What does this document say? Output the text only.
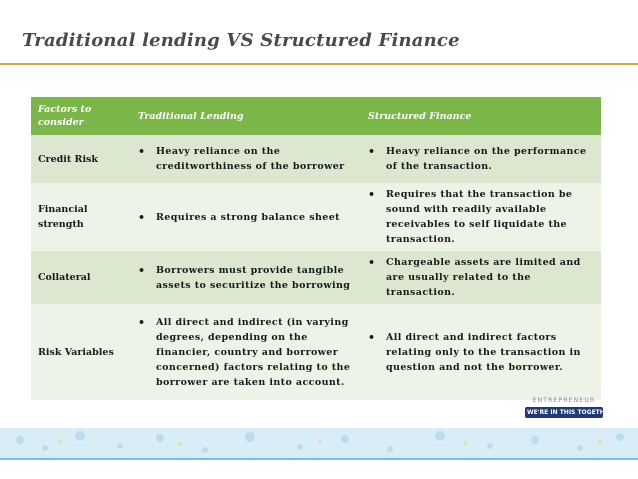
Traditional lending VS Structured Finance
Factors to consider	Traditional Lending	Structured Finance
Credit Risk	• Heavy reliance on the creditworthiness of the borrower	• Heavy reliance on the performance of the transaction.

Financial strength	• Requires a strong balance sheet	• Requires that the transaction be sound with readily available receivables to self liquidate the transaction.

Collateral	• Borrowers must provide tangible assets to securitize the borrowing	• Chargeable assets are limited and are usually related to the transaction.

Risk Variables	• All direct and indirect (in varying degrees, depending on the financier, country and borrower concerned) factors relating to the borrower are taken into account.	• All direct and indirect factors relating only to the transaction in question and not the borrower.
ENTREPRENEUR
WE'RE IN THIS TOGETHER
